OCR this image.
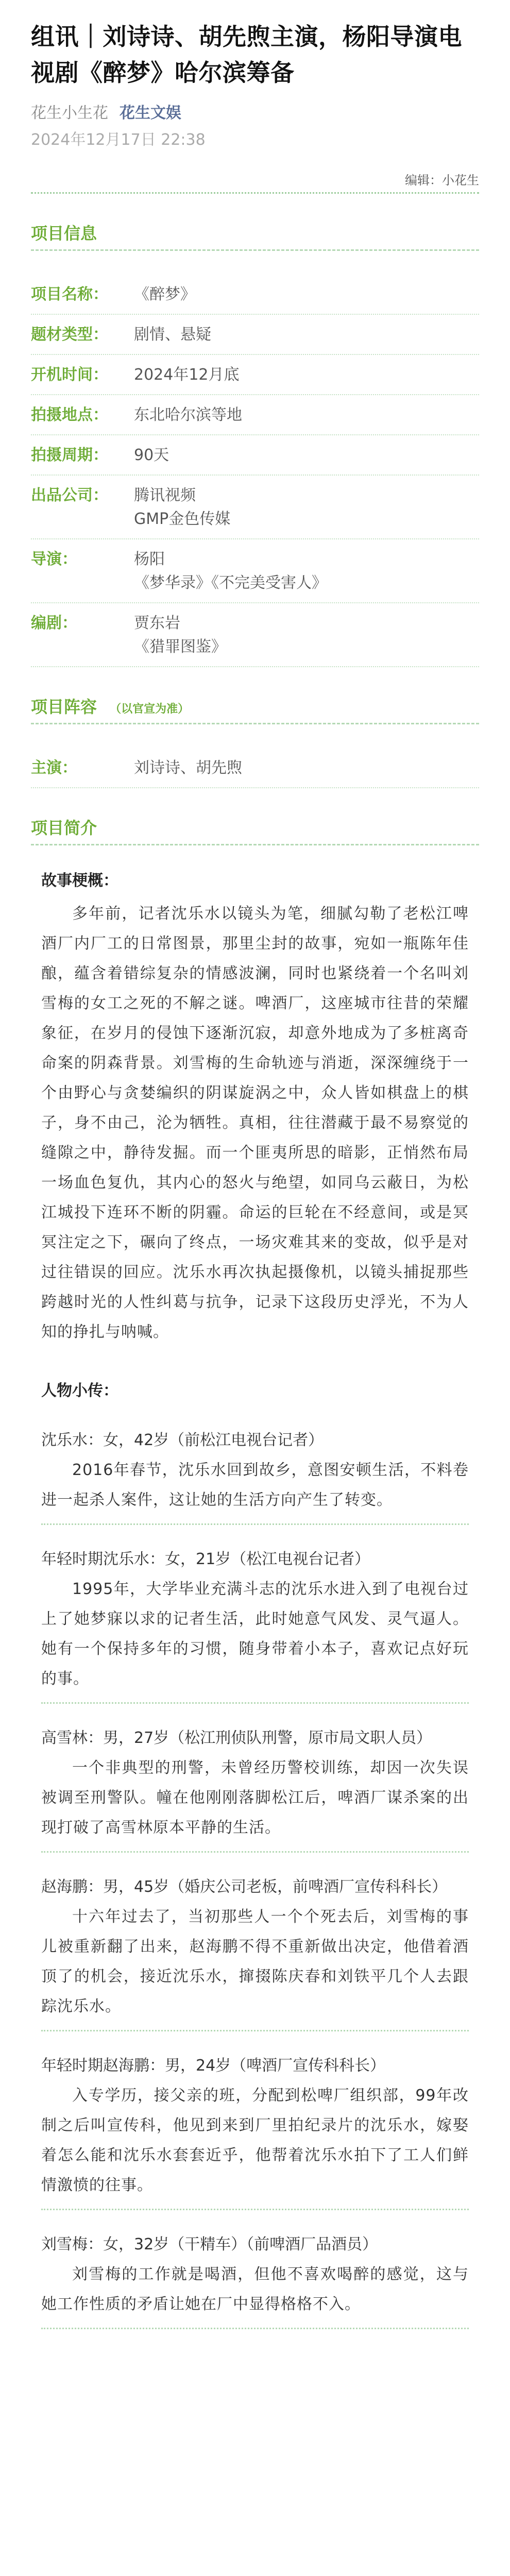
组讯｜刘诗诗、胡先煦主演，杨阳导演电视剧《醉梦》哈尔滨筹备
花生小生花 花生文娱
2024年12月17日 22:38
编辑：小花生
项目信息
项目名称：	《醉梦》
题材类型：	剧情、悬疑
开机时间：	2024年12月底
拍摄地点：	东北哈尔滨等地
拍摄周期：	90天
出品公司：	腾讯视频
GMP金色传媒
导演：	杨阳
《梦华录》《不完美受害人》
编剧：	贾东岩
《猎罪图鉴》
项目阵容 （以官宣为准）
主演：	刘诗诗、胡先煦
项目简介
故事梗概：

多年前，记者沈乐水以镜头为笔，细腻勾勒了老松江啤酒厂内厂工的日常图景，那里尘封的故事，宛如一瓶陈年佳酿，蕴含着错综复杂的情感波澜，同时也紧绕着一个名叫刘雪梅的女工之死的不解之谜。啤酒厂，这座城市往昔的荣耀象征，在岁月的侵蚀下逐渐沉寂，却意外地成为了多桩离奇命案的阴森背景。刘雪梅的生命轨迹与消逝，深深缠绕于一个由野心与贪婪编织的阴谋旋涡之中，众人皆如棋盘上的棋子，身不由己，沦为牺牲。真相，往往潜藏于最不易察觉的缝隙之中，静待发掘。而一个匪夷所思的暗影，正悄然布局一场血色复仇，其内心的怒火与绝望，如同乌云蔽日，为松江城投下连环不断的阴霾。命运的巨轮在不经意间，或是冥冥注定之下，碾向了终点，一场灾难其来的变故，似乎是对过往错误的回应。沈乐水再次执起摄像机，以镜头捕捉那些跨越时光的人性纠葛与抗争，记录下这段历史浮光，不为人知的挣扎与呐喊。

人物小传：
沈乐水：女，42岁（前松江电视台记者）

2016年春节，沈乐水回到故乡，意图安顿生活，不料卷进一起杀人案件，这让她的生活方向产生了转变。

年轻时期沈乐水：女，21岁（松江电视台记者）

1995年，大学毕业充满斗志的沈乐水进入到了电视台过上了她梦寐以求的记者生活，此时她意气风发、灵气逼人。她有一个保持多年的习惯，随身带着小本子，喜欢记点好玩的事。

高雪林：男，27岁（松江刑侦队刑警，原市局文职人员）

一个非典型的刑警，未曾经历警校训练，却因一次失误被调至刑警队。幢在他刚刚落脚松江后，啤酒厂谋杀案的出现打破了高雪林原本平静的生活。

赵海鹏：男，45岁（婚庆公司老板，前啤酒厂宣传科科长）

十六年过去了，当初那些人一个个死去后，刘雪梅的事儿被重新翻了出来，赵海鹏不得不重新做出决定，他借着酒顶了的机会，接近沈乐水，撺掇陈庆春和刘铁平几个人去跟踪沈乐水。

年轻时期赵海鹏：男，24岁（啤酒厂宣传科科长）

入专学历，接父亲的班，分配到松啤厂组织部，99年改制之后叫宣传科，他见到来到厂里拍纪录片的沈乐水，嫁娶着怎么能和沈乐水套套近乎，他帮着沈乐水拍下了工人们鲜情激愤的往事。

刘雪梅：女，32岁（干精车）（前啤酒厂品酒员）

刘雪梅的工作就是喝酒，但他不喜欢喝醉的感觉，这与她工作性质的矛盾让她在厂中显得格格不入。
